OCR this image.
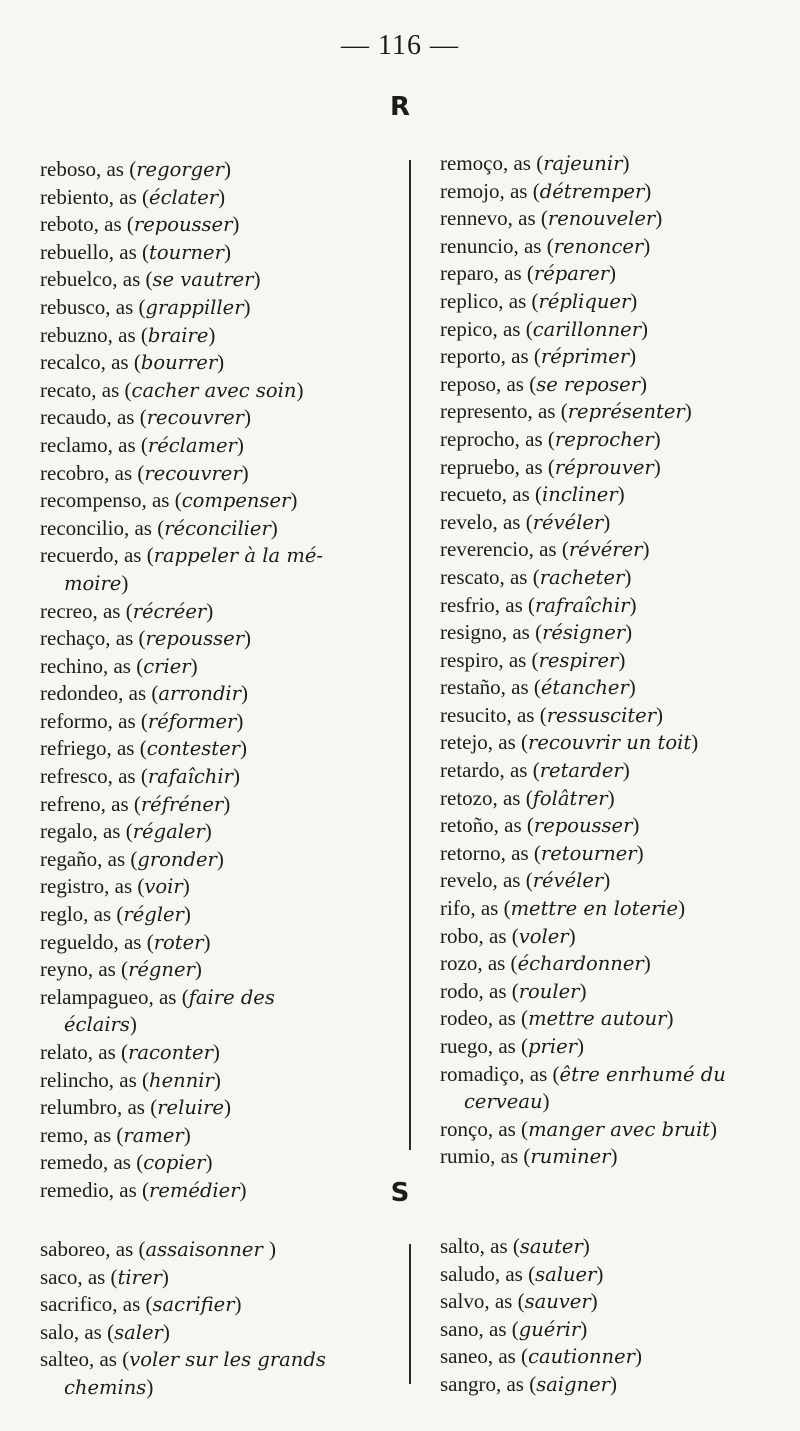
— 116 —
R
reboso, as (regorger)
rebiento, as (éclater)
reboto, as (repousser)
rebuello, as (tourner)
rebuelco, as (se vautrer)
rebusco, as (grappiller)
rebuzno, as (braire)
recalco, as (bourrer)
recato, as (cacher avec soin)
recaudo, as (recouvrer)
reclamo, as (réclamer)
recobro, as (recouvrer)
recompenso, as (compenser)
reconcilio, as (réconcilier)
recuerdo, as (rappeler à la mé-
moire)
recreo, as (récréer)
rechaço, as (repousser)
rechino, as (crier)
redondeo, as (arrondir)
reformo, as (réformer)
refriego, as (contester)
refresco, as (rafaîchir)
refreno, as (réfréner)
regalo, as (régaler)
regaño, as (gronder)
registro, as (voir)
reglo, as (régler)
regueldo, as (roter)
reyno, as (régner)
relampagueo, as (faire des
éclairs)
relato, as (raconter)
relincho, as (hennir)
relumbro, as (reluire)
remo, as (ramer)
remedo, as (copier)
remedio, as (remédier)
remoço, as (rajeunir)
remojo, as (détremper)
rennevo, as (renouveler)
renuncio, as (renoncer)
reparo, as (réparer)
replico, as (répliquer)
repico, as (carillonner)
reporto, as (réprimer)
reposo, as (se reposer)
represento, as (représenter)
reprocho, as (reprocher)
repruebo, as (réprouver)
recueto, as (incliner)
revelo, as (révéler)
reverencio, as (révérer)
rescato, as (racheter)
resfrio, as (rafraîchir)
resigno, as (résigner)
respiro, as (respirer)
restaño, as (étancher)
resucito, as (ressusciter)
retejo, as (recouvrir un toit)
retardo, as (retarder)
retozo, as (folâtrer)
retoño, as (repousser)
retorno, as (retourner)
revelo, as (révéler)
rifo, as (mettre en loterie)
robo, as (voler)
rozo, as (échardonner)
rodo, as (rouler)
rodeo, as (mettre autour)
ruego, as (prier)
romadiço, as (être enrhumé du
cerveau)
ronço, as (manger avec bruit)
rumio, as (ruminer)
S
saboreo, as (assaisonner )
saco, as (tirer)
sacrifico, as (sacrifier)
salo, as (saler)
salteo, as (voler sur les grands
chemins)
salto, as (sauter)
saludo, as (saluer)
salvo, as (sauver)
sano, as (guérir)
saneo, as (cautionner)
sangro, as (saigner)
